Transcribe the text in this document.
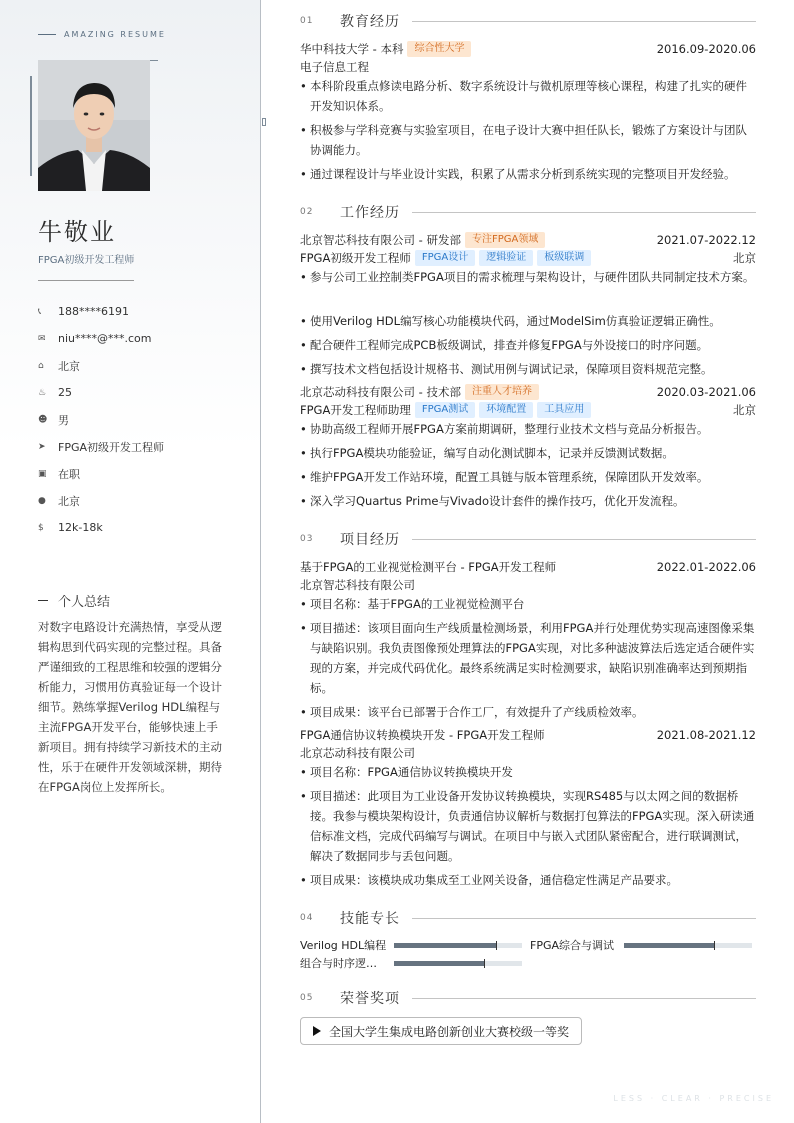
AMAZING RESUME
牛敬业
FPGA初级开发工程师
📞︎	188****6191
✉	niu****@***.com
⌂	北京
♨	25
☻ 男
➤	FPGA初级开发工程师
▣	在职
●	北京
$	12k-18k
个人总结
对数字电路设计充满热情，享受从逻辑构思到代码实现的完整过程。具备严谨细致的工程思维和较强的逻辑分析能力，习惯用仿真验证每一个设计细节。熟练掌握Verilog HDL编程与主流FPGA开发平台，能够快速上手新项目。拥有持续学习新技术的主动性，乐于在硬件开发领域深耕，期待在FPGA岗位上发挥所长。
01	教育经历
华中科技大学 - 本科	综合性大学	2016.09-2020.06
电子信息工程
• 本科阶段重点修读电路分析、数字系统设计与微机原理等核心课程，构建了扎实的硬件开发知识体系。
• 积极参与学科竞赛与实验室项目，在电子设计大赛中担任队长，锻炼了方案设计与团队协调能力。
• 通过课程设计与毕业设计实践，积累了从需求分析到系统实现的完整项目开发经验。
02	工作经历
北京智芯科技有限公司 - 研发部	专注FPGA领域	2021.07-2022.12
FPGA初级开发工程师	FPGA设计	逻辑验证	板级联调	北京
• 参与公司工业控制类FPGA项目的需求梳理与架构设计，与硬件团队共同制定技术方案。
• 使用Verilog HDL编写核心功能模块代码，通过ModelSim仿真验证逻辑正确性。
• 配合硬件工程师完成PCB板级调试，排查并修复FPGA与外设接口的时序问题。
• 撰写技术文档包括设计规格书、测试用例与调试记录，保障项目资料规范完整。
北京芯动科技有限公司 - 技术部	注重人才培养	2020.03-2021.06
FPGA开发工程师助理	FPGA测试	环境配置	工具应用	北京
• 协助高级工程师开展FPGA方案前期调研，整理行业技术文档与竞品分析报告。
• 执行FPGA模块功能验证，编写自动化测试脚本，记录并反馈测试数据。
• 维护FPGA开发工作站环境，配置工具链与版本管理系统，保障团队开发效率。
• 深入学习Quartus Prime与Vivado设计套件的操作技巧，优化开发流程。
03	项目经历
基于FPGA的工业视觉检测平台 - FPGA开发工程师	2022.01-2022.06
北京智芯科技有限公司
• 项目名称：基于FPGA的工业视觉检测平台
• 项目描述：该项目面向生产线质量检测场景，利用FPGA并行处理优势实现高速图像采集与缺陷识别。我负责图像预处理算法的FPGA实现，对比多种滤波算法后选定适合硬件实现的方案，并完成代码优化。最终系统满足实时检测要求，缺陷识别准确率达到预期指标。
• 项目成果：该平台已部署于合作工厂，有效提升了产线质检效率。
FPGA通信协议转换模块开发 - FPGA开发工程师	2021.08-2021.12
北京芯动科技有限公司
• 项目名称：FPGA通信协议转换模块开发
• 项目描述：此项目为工业设备开发协议转换模块，实现RS485与以太网之间的数据桥接。我参与模块架构设计，负责通信协议解析与数据打包算法的FPGA实现。深入研读通信标准文档，完成代码编写与调试。在项目中与嵌入式团队紧密配合，进行联调测试，解决了数据同步与丢包问题。
• 项目成果：该模块成功集成至工业网关设备，通信稳定性满足产品要求。
04	技能专长
Verilog HDL编程	FPGA综合与调试
组合与时序逻…
05	荣誉奖项
全国大学生集成电路创新创业大赛校级一等奖
LESS · CLEAR · PRECISE
